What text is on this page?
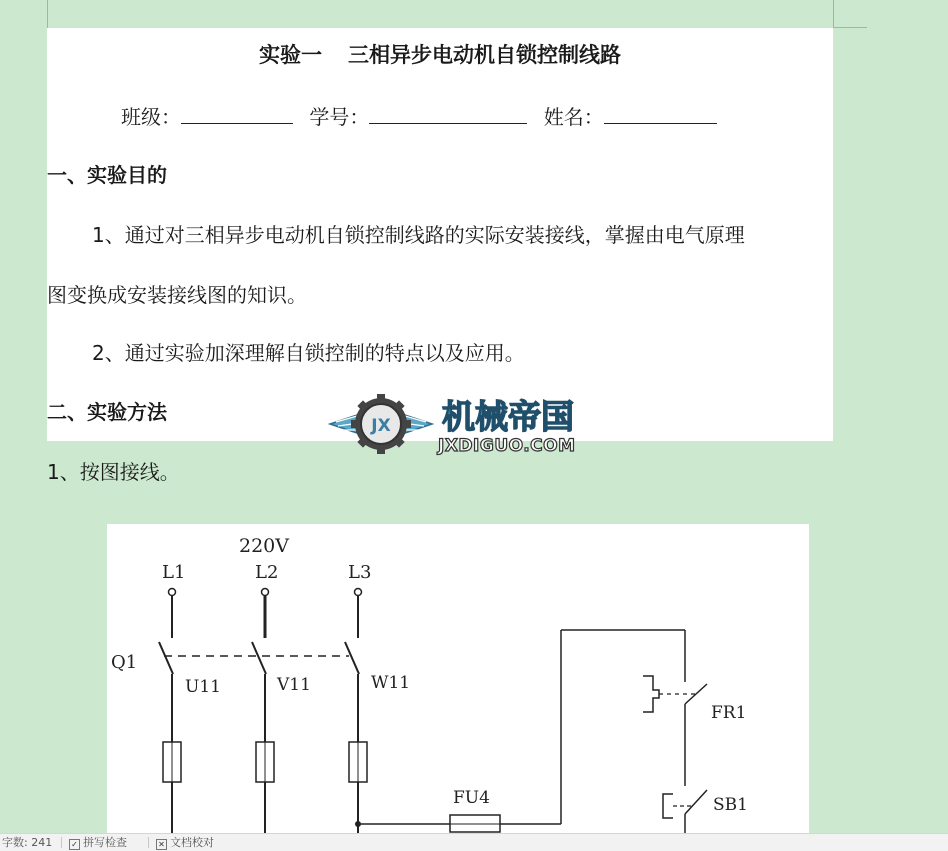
实验一 三相异步电动机自锁控制线路
班级：	学号：	姓名：
一、实验目的
1、通过对三相异步电动机自锁控制线路的实际安装接线，掌握由电气原理
图变换成安装接线图的知识。
2、通过实验加深理解自锁控制的特点以及应用。
二、实验方法
1、按图接线。
JX 机械帝国
JXDIGUO.COM
220V
L1	L2	L3
Q1
U11	V11	W11
FU4
FR1
SB1
字数: 241 ✓ 拼写检查	✕ 文档校对
